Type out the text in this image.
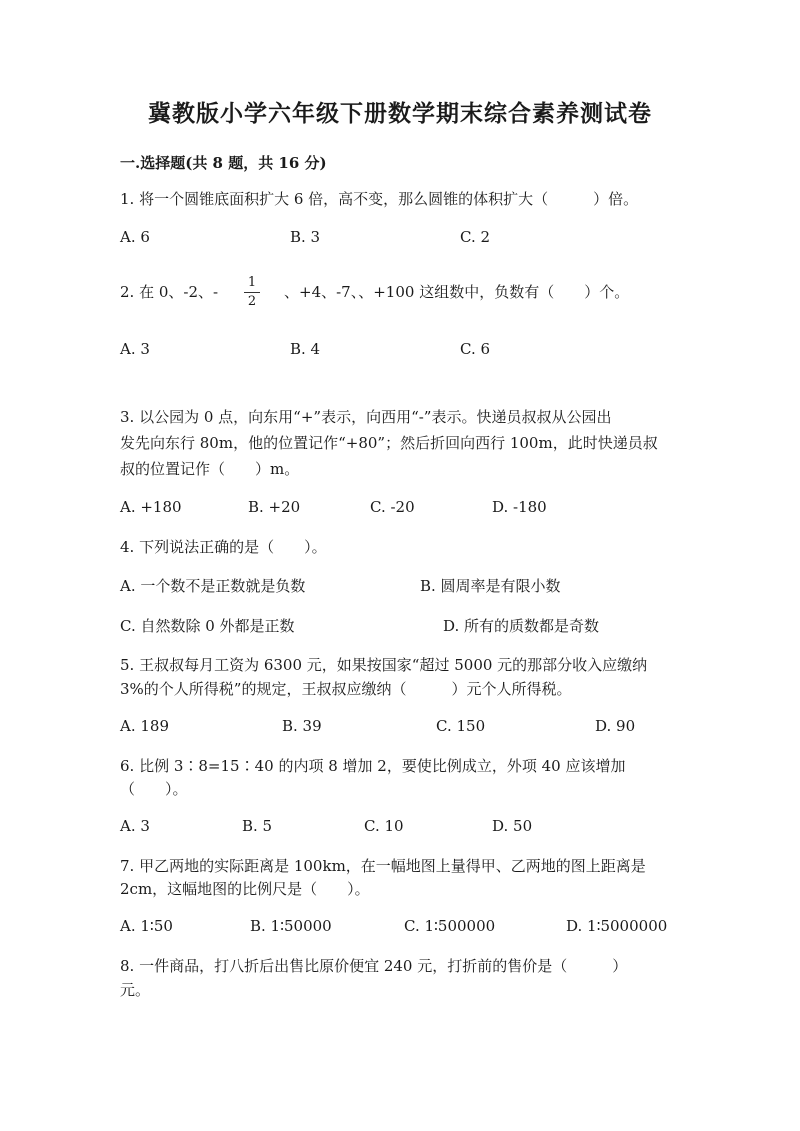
冀教版小学六年级下册数学期末综合素养测试卷
一.选择题(共 8 题，共 16 分)
1. 将一个圆锥底面积扩大 6 倍，高不变，那么圆锥的体积扩大（　　　）倍。
A. 6	B. 3	C. 2
2. 在 0、-2、-
1
2
、+4、-7、、+100 这组数中，负数有（　　）个。
A. 3	B. 4	C. 6
3. 以公园为 0 点，向东用“+”表示，向西用“-”表示。快递员叔叔从公园出
发先向东行 80m，他的位置记作“+80”；然后折回向西行 100m，此时快递员叔
叔的位置记作（　　）m。
A. +180	B. +20	C. -20	D. -180
4. 下列说法正确的是（　　）。
A. 一个数不是正数就是负数	B. 圆周率是有限小数
C. 自然数除 0 外都是正数	D. 所有的质数都是奇数
5. 王叔叔每月工资为 6300 元，如果按国家“超过 5000 元的那部分收入应缴纳
3%的个人所得税”的规定，王叔叔应缴纳（　　　）元个人所得税。
A. 189	B. 39	C. 150	D. 90
6. 比例 3∶8=15∶40 的内项 8 增加 2，要使比例成立，外项 40 应该增加
（　　）。
A. 3	B. 5	C. 10	D. 50
7. 甲乙两地的实际距离是 100km，在一幅地图上量得甲、乙两地的图上距离是
2cm，这幅地图的比例尺是（　　）。
A. 1∶50	B. 1∶50000	C. 1∶500000	D. 1∶5000000
8. 一件商品，打八折后出售比原价便宜 240 元，打折前的售价是（　　　）
元。
